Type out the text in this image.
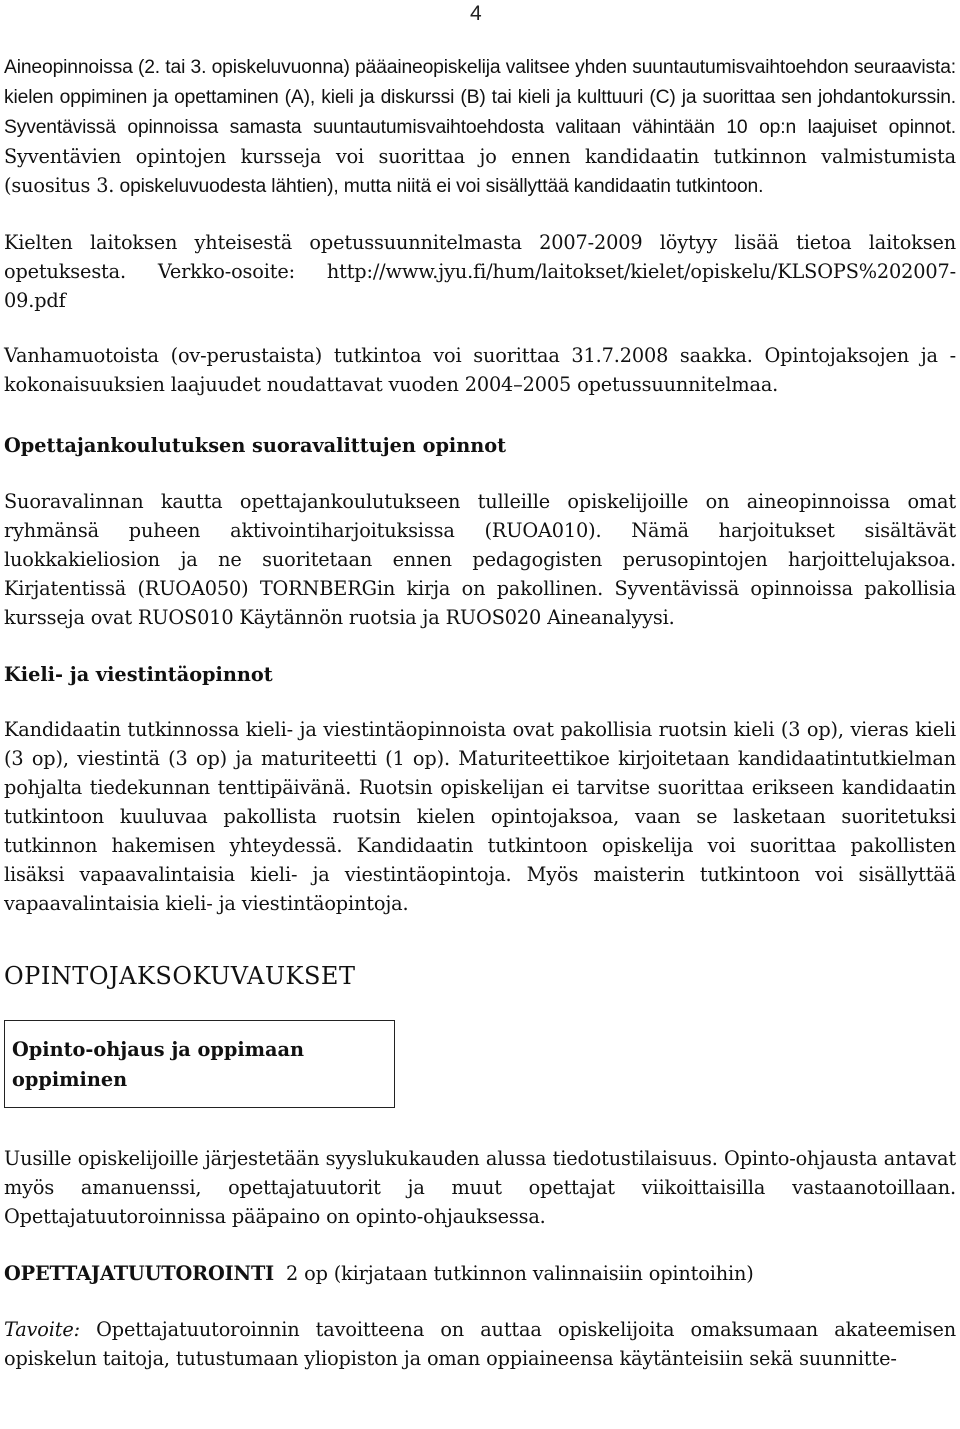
4

Aineopinnoissa (2. tai 3. opiskeluvuonna) pääaineopiskelija valitsee yhden suuntautumisvaihtoehdon seuraavista: kielen oppiminen ja opettaminen (A), kieli ja diskurssi (B) tai kieli ja kulttuuri (C) ja suorittaa sen johdantokurssin. Syventävissä opinnoissa samasta suuntautumisvaihtoehdosta valitaan vähintään 10 op:n laajuiset opinnot. Syventävien opintojen kursseja voi suorittaa jo ennen kandidaatin tutkinnon valmistumista (suositus 3. opiskeluvuodesta lähtien), mutta niitä ei voi sisällyttää kandidaatin tutkintoon.

Kielten laitoksen yhteisestä opetussuunnitelmasta 2007-2009 löytyy lisää tietoa laitoksen opetuksesta. Verkko-osoite: http://www.jyu.fi/hum/laitokset/kielet/opiskelu/KLSOPS%202007-09.pdf

Vanhamuotoista (ov-perustaista) tutkintoa voi suorittaa 31.7.2008 saakka. Opintojaksojen ja -kokonaisuuksien laajuudet noudattavat vuoden 2004–2005 opetussuunnitelmaa.

Opettajankoulutuksen suoravalittujen opinnot

Suoravalinnan kautta opettajankoulutukseen tulleille opiskelijoille on aineopinnoissa omat ryhmänsä puheen aktivointiharjoituksissa (RUOA010). Nämä harjoitukset sisältävät luokkakieliosion ja ne suoritetaan ennen pedagogisten perusopintojen harjoittelujaksoa. Kirjatentissä (RUOA050) TORNBERGin kirja on pakollinen. Syventävissä opinnoissa pakollisia kursseja ovat RUOS010 Käytännön ruotsia ja RUOS020 Aineanalyysi.

Kieli- ja viestintäopinnot

Kandidaatin tutkinnossa kieli- ja viestintäopinnoista ovat pakollisia ruotsin kieli (3 op), vieras kieli (3 op), viestintä (3 op) ja maturiteetti (1 op). Maturiteettikoe kirjoitetaan kandidaatintutkielman pohjalta tiedekunnan tenttipäivänä. Ruotsin opiskelijan ei tarvitse suorittaa erikseen kandidaatin tutkintoon kuuluvaa pakollista ruotsin kielen opintojaksoa, vaan se lasketaan suoritetuksi tutkinnon hakemisen yhteydessä. Kandidaatin tutkintoon opiskelija voi suorittaa pakollisten lisäksi vapaavalintaisia kieli- ja viestintäopintoja. Myös maisterin tutkintoon voi sisällyttää vapaavalintaisia kieli- ja viestintäopintoja.

OPINTOJAKSOKUVAUKSET
Opinto-ohjaus ja oppimaan oppiminen

Uusille opiskelijoille järjestetään syyslukukauden alussa tiedotustilaisuus. Opinto-ohjausta antavat myös amanuenssi, opettajatuutorit ja muut opettajat viikoittaisilla vastaanotoillaan. Opettajatuutoroinnissa pääpaino on opinto-ohjauksessa.

OPETTAJATUUTOROINTI 2 op (kirjataan tutkinnon valinnaisiin opintoihin)

Tavoite: Opettajatuutoroinnin tavoitteena on auttaa opiskelijoita omaksumaan akateemisen opiskelun taitoja, tutustumaan yliopiston ja oman oppiaineensa käytänteisiin sekä suunnitte-
